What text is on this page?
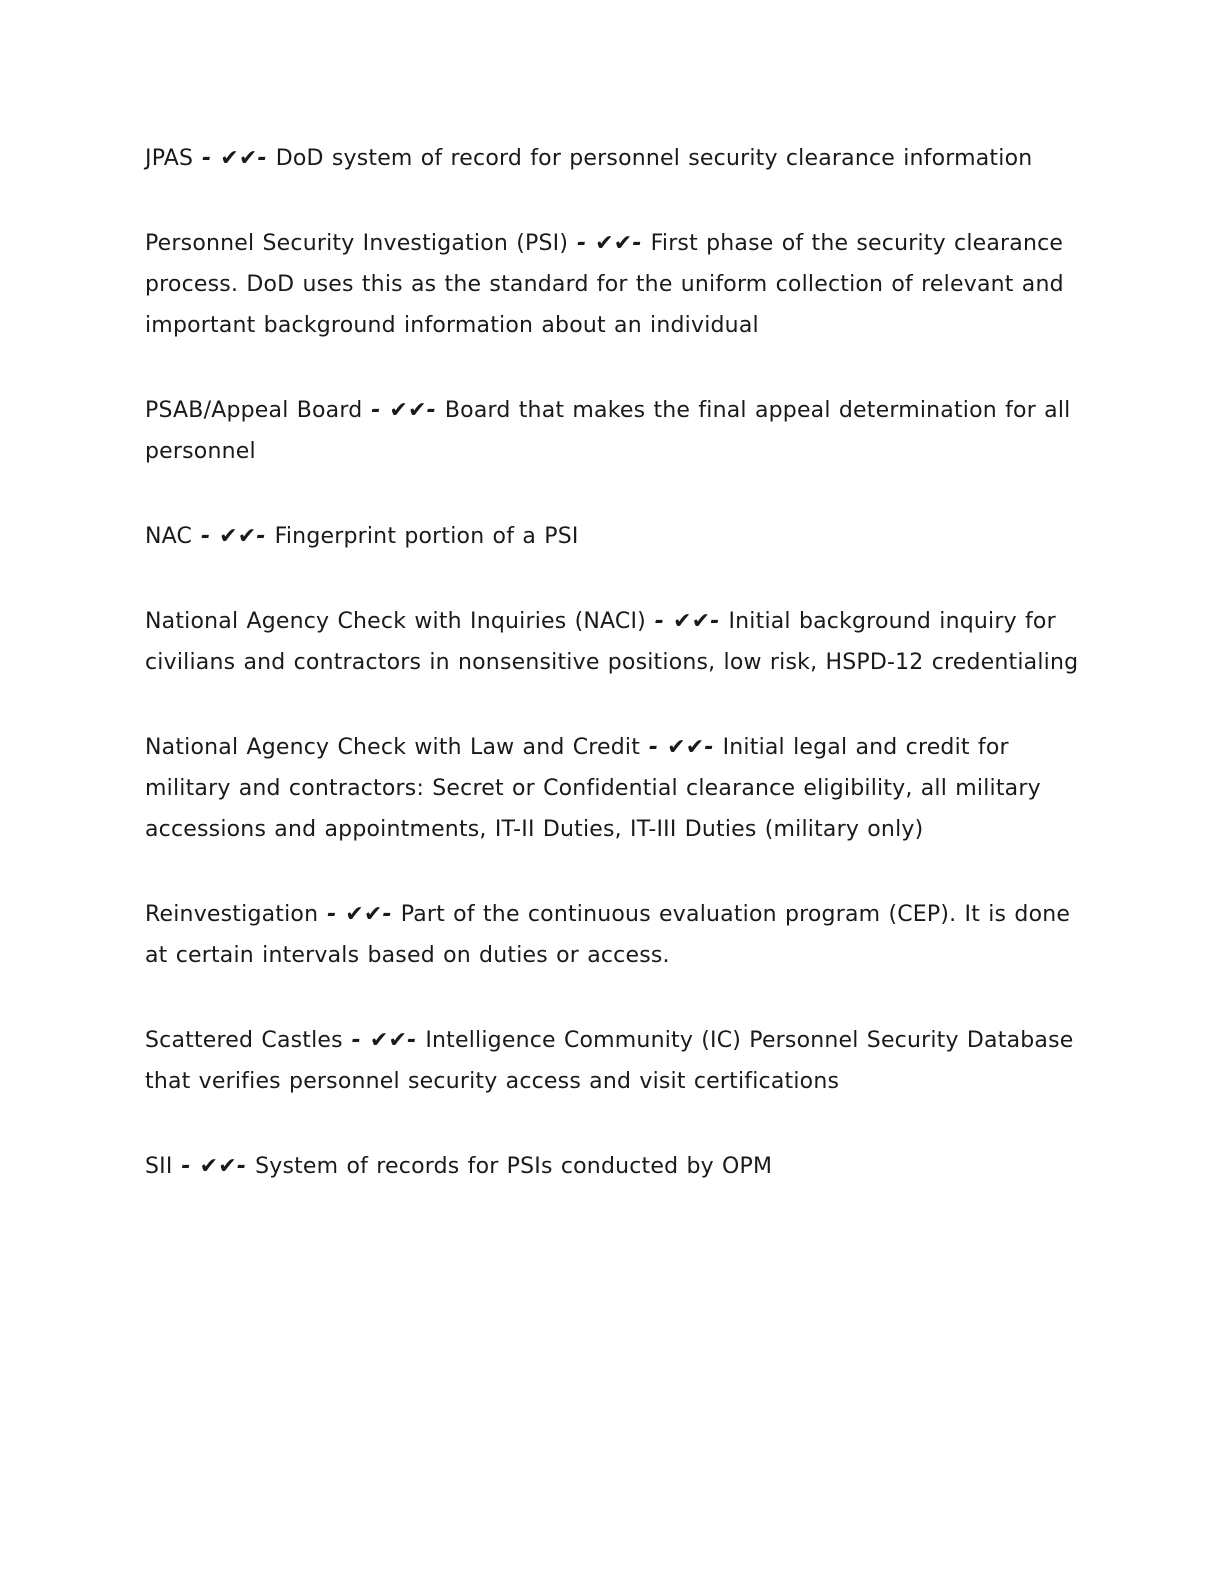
JPAS - ✔✔- DoD system of record for personnel security clearance information

Personnel Security Investigation (PSI) - ✔✔- First phase of the security clearance process. DoD uses this as the standard for the uniform collection of relevant and important background information about an individual

PSAB/Appeal Board - ✔✔- Board that makes the final appeal determination for all personnel

NAC - ✔✔- Fingerprint portion of a PSI

National Agency Check with Inquiries (NACI) - ✔✔- Initial background inquiry for civilians and contractors in nonsensitive positions, low risk, HSPD-12 credentialing

National Agency Check with Law and Credit - ✔✔- Initial legal and credit for military and contractors: Secret or Confidential clearance eligibility, all military accessions and appointments, IT-II Duties, IT-III Duties (military only)

Reinvestigation - ✔✔- Part of the continuous evaluation program (CEP). It is done at certain intervals based on duties or access.

Scattered Castles - ✔✔- Intelligence Community (IC) Personnel Security Database that verifies personnel security access and visit certifications

SII - ✔✔- System of records for PSIs conducted by OPM
